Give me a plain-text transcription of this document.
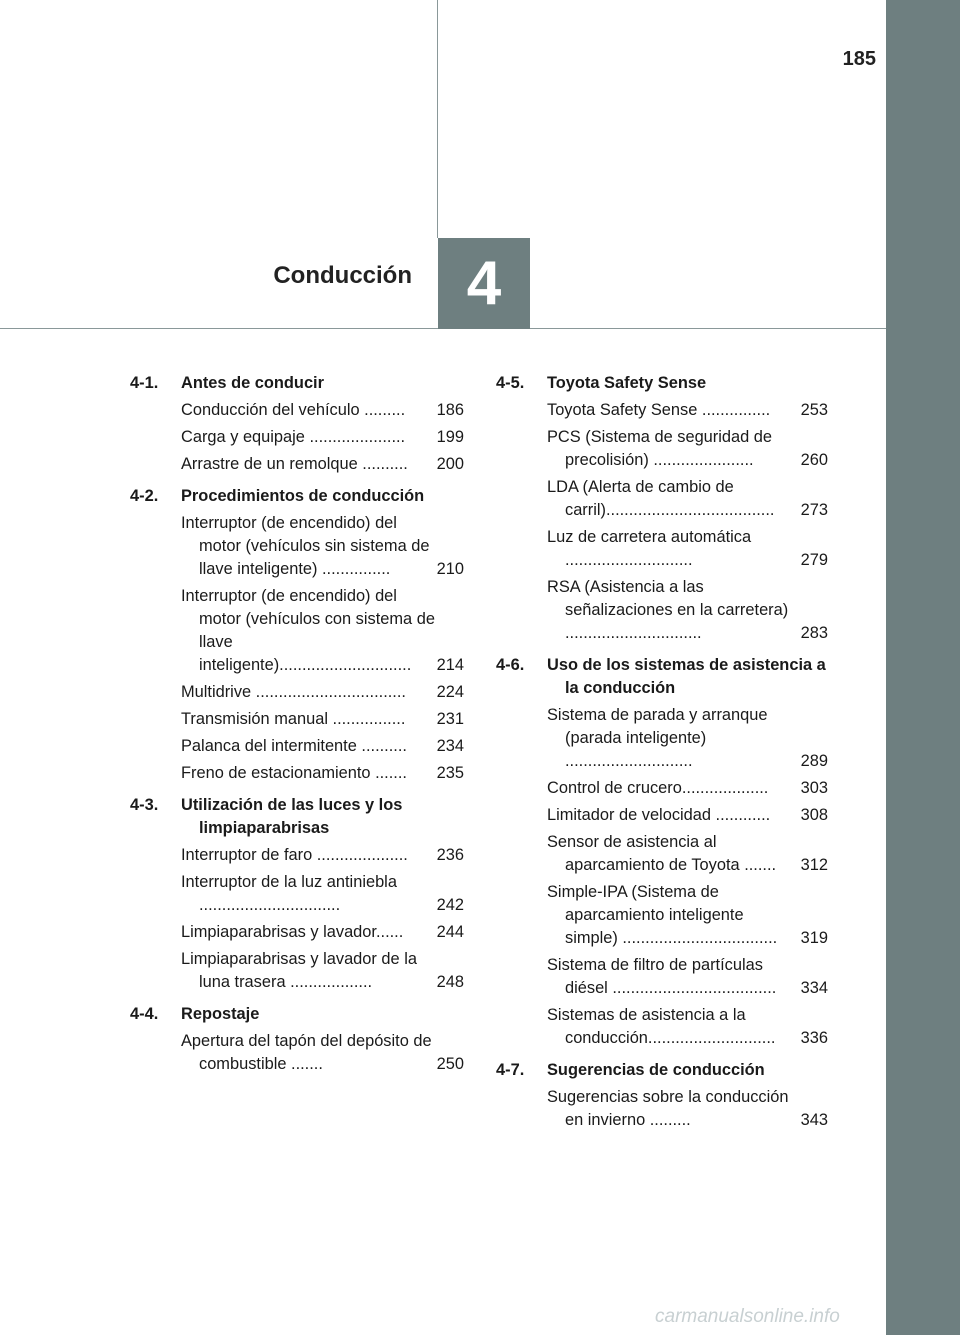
185
Conducción 4
4-1.	Antes de conducir
Conducción del vehículo .........	186
Carga y equipaje .....................	199
Arrastre de un remolque ..........	200
4-2.	Procedimientos de conducción
Interruptor (de encendido) del motor (vehículos sin sistema de llave inteligente) ...............	210
Interruptor (de encendido) del motor (vehículos con sistema de llave inteligente).............................	214
Multidrive .................................	224
Transmisión manual ................	231
Palanca del intermitente ..........	234
Freno de estacionamiento .......	235
4-3.	Utilización de las luces y los limpiaparabrisas
Interruptor de faro ....................	236
Interruptor de la luz antiniebla ...............................	242
Limpiaparabrisas y lavador......	244
Limpiaparabrisas y lavador de la luna trasera ..................	248
4-4.	Repostaje
Apertura del tapón del depósito de combustible .......	250
4-5.	Toyota Safety Sense
Toyota Safety Sense ...............	253
PCS (Sistema de seguridad de precolisión) ......................	260
LDA (Alerta de cambio de carril).....................................	273
Luz de carretera automática ............................	279
RSA (Asistencia a las señalizaciones en la carretera) ..............................	283
4-6.	Uso de los sistemas de asistencia a la conducción
Sistema de parada y arranque (parada inteligente) ............................	289
Control de crucero...................	303
Limitador de velocidad ............	308
Sensor de asistencia al aparcamiento de Toyota .......	312
Simple-IPA (Sistema de aparcamiento inteligente simple) ..................................	319
Sistema de filtro de partículas diésel ....................................	334
Sistemas de asistencia a la conducción............................	336
4-7.	Sugerencias de conducción
Sugerencias sobre la conducción en invierno .........	343
carmanualsonline.info
